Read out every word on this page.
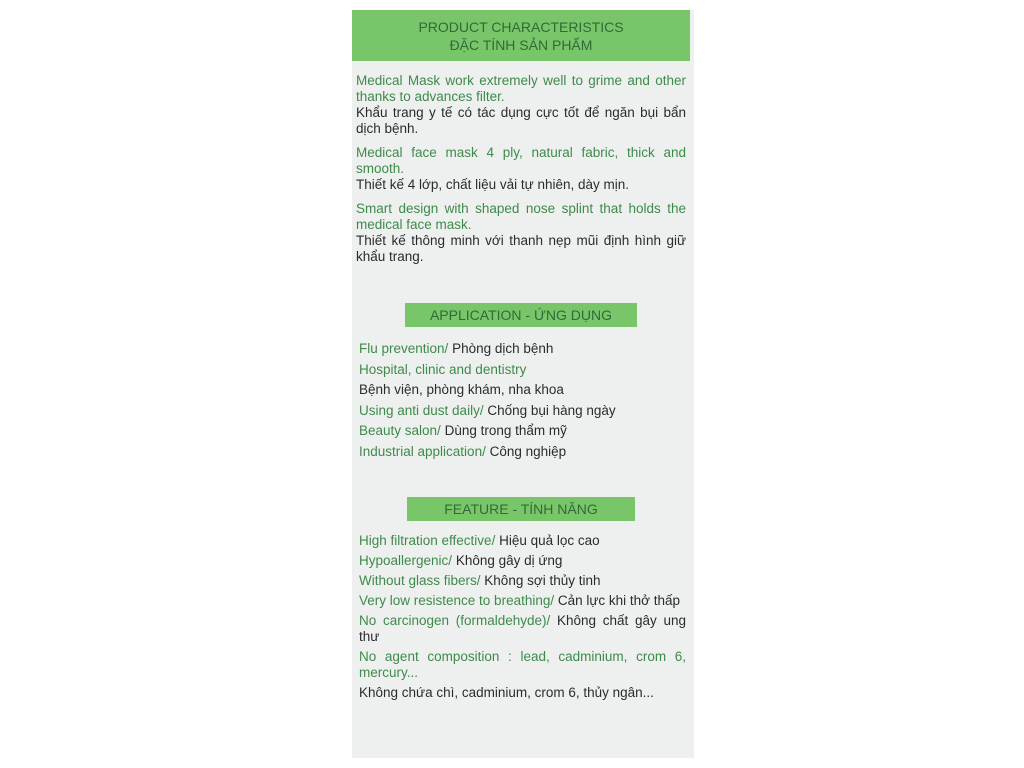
PRODUCT CHARACTERISTICS
ĐẶC TÍNH SẢN PHẨM
Medical Mask work extremely well to grime and other thanks to advances filter.
Khẩu trang y tế có tác dụng cực tốt để ngăn bụi bẩn dịch bệnh.
Medical face mask 4 ply, natural fabric, thick and smooth.
Thiết kế 4 lớp, chất liệu vải tự nhiên, dày mịn.
Smart design with shaped nose splint that holds the medical face mask.
Thiết kế thông minh với thanh nẹp mũi định hình giữ khẩu trang.
APPLICATION - ỨNG DỤNG
Flu prevention/ Phòng dịch bệnh
Hospital, clinic and dentistry
Bệnh viện, phòng khám, nha khoa
Using anti dust daily/ Chống bụi hàng ngày
Beauty salon/ Dùng trong thẩm mỹ
Industrial application/ Công nghiệp
FEATURE - TÍNH NĂNG
High filtration effective/ Hiệu quả lọc cao
Hypoallergenic/ Không gây dị ứng
Without glass fibers/ Không sợi thủy tinh
Very low resistence to breathing/ Cản lực khi thở thấp
No carcinogen (formaldehyde)/ Không chất gây ung thư
No agent composition : lead, cadminium, crom 6, mercury...
Không chứa chì, cadminium, crom 6, thủy ngân...
